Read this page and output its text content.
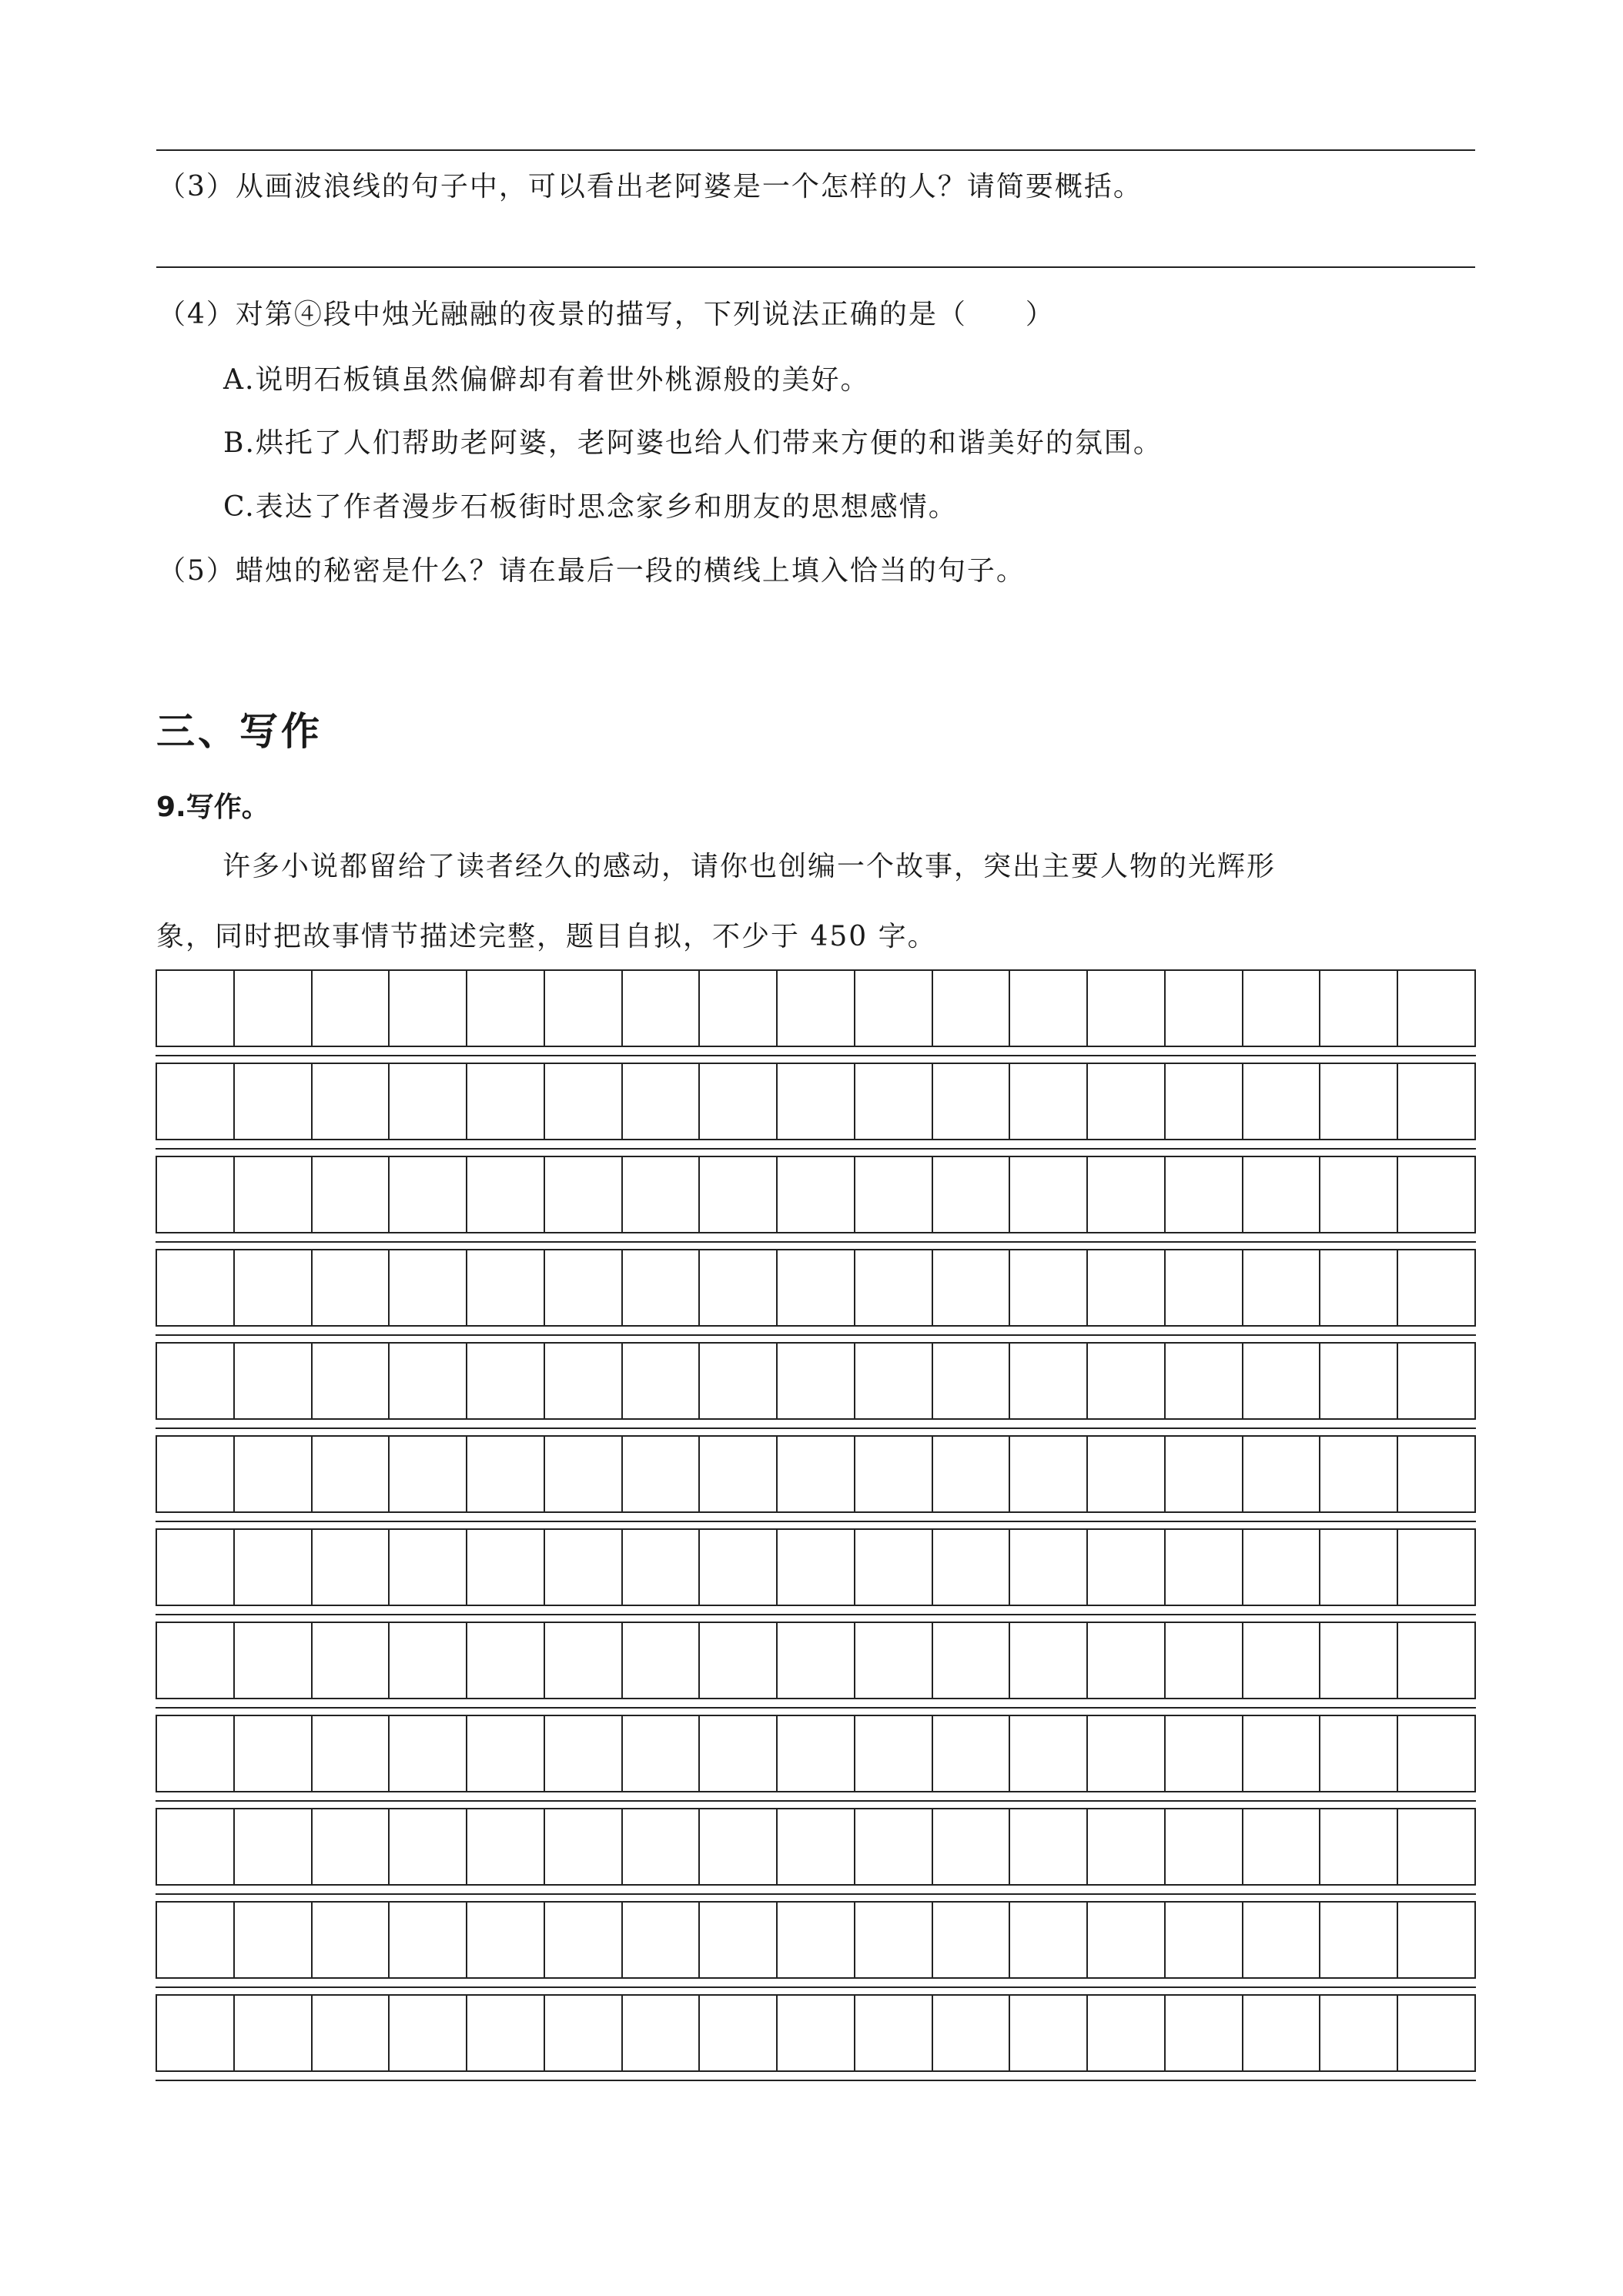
（3）从画波浪线的句子中，可以看出老阿婆是一个怎样的人？请简要概括。
（4）对第④段中烛光融融的夜景的描写，下列说法正确的是（　　）
A.说明石板镇虽然偏僻却有着世外桃源般的美好。
B.烘托了人们帮助老阿婆，老阿婆也给人们带来方便的和谐美好的氛围。
C.表达了作者漫步石板街时思念家乡和朋友的思想感情。
（5）蜡烛的秘密是什么？请在最后一段的横线上填入恰当的句子。
三、写作
9.写作。
许多小说都留给了读者经久的感动，请你也创编一个故事，突出主要人物的光辉形
象，同时把故事情节描述完整，题目自拟，不少于 450 字。
